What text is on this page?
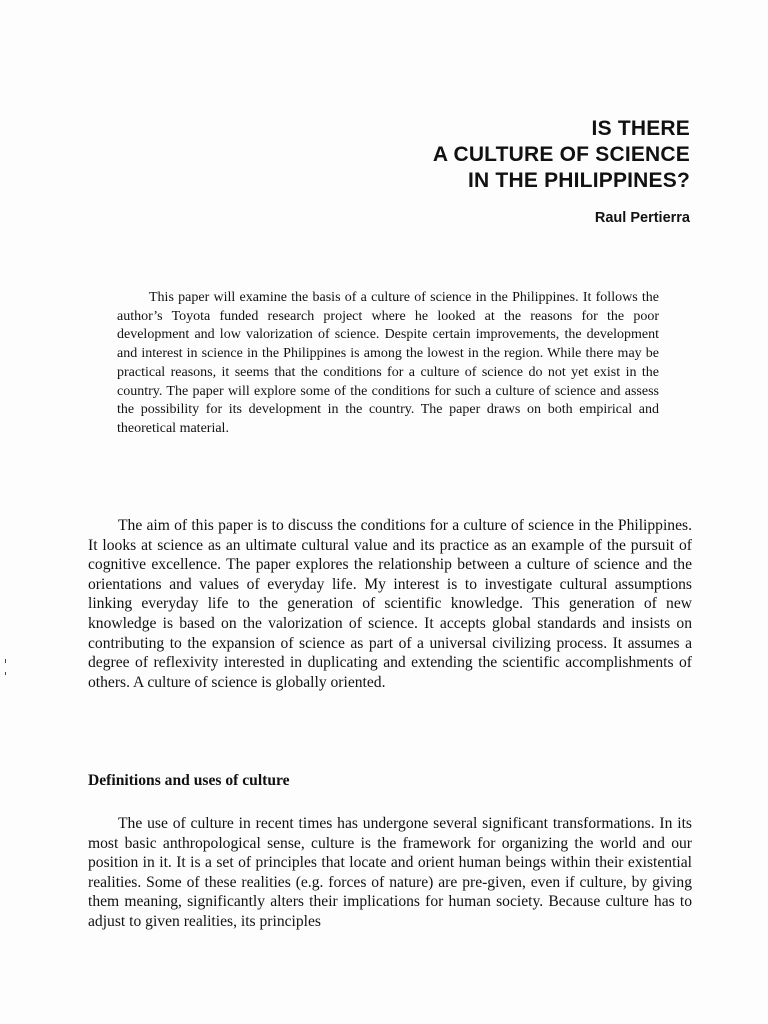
IS THERE
A CULTURE OF SCIENCE
IN THE PHILIPPINES?
Raul Pertierra

This paper will examine the basis of a culture of science in the Philippines. It follows the author’s Toyota funded research project where he looked at the reasons for the poor development and low valorization of science. Despite certain improvements, the development and interest in science in the Philippines is among the lowest in the region. While there may be practical reasons, it seems that the conditions for a culture of science do not yet exist in the country. The paper will explore some of the conditions for such a culture of science and assess the possibility for its development in the country. The paper draws on both empirical and theoretical material.

The aim of this paper is to discuss the conditions for a culture of science in the Philippines. It looks at science as an ultimate cultural value and its practice as an example of the pursuit of cognitive excellence. The paper explores the relationship between a culture of science and the orientations and values of everyday life. My interest is to investigate cultural assumptions linking everyday life to the generation of scientific knowledge. This generation of new knowledge is based on the valorization of science. It accepts global standards and insists on contributing to the expansion of science as part of a universal civilizing process. It assumes a degree of reflexivity interested in duplicating and extending the scientific accomplishments of others. A culture of science is globally oriented.

Definitions and uses of culture

The use of culture in recent times has undergone several significant transformations. In its most basic anthropological sense, culture is the framework for organizing the world and our position in it. It is a set of principles that locate and orient human beings within their existential realities. Some of these realities (e.g. forces of nature) are pre-given, even if culture, by giving them meaning, significantly alters their implications for human society. Because culture has to adjust to given realities, its principles
